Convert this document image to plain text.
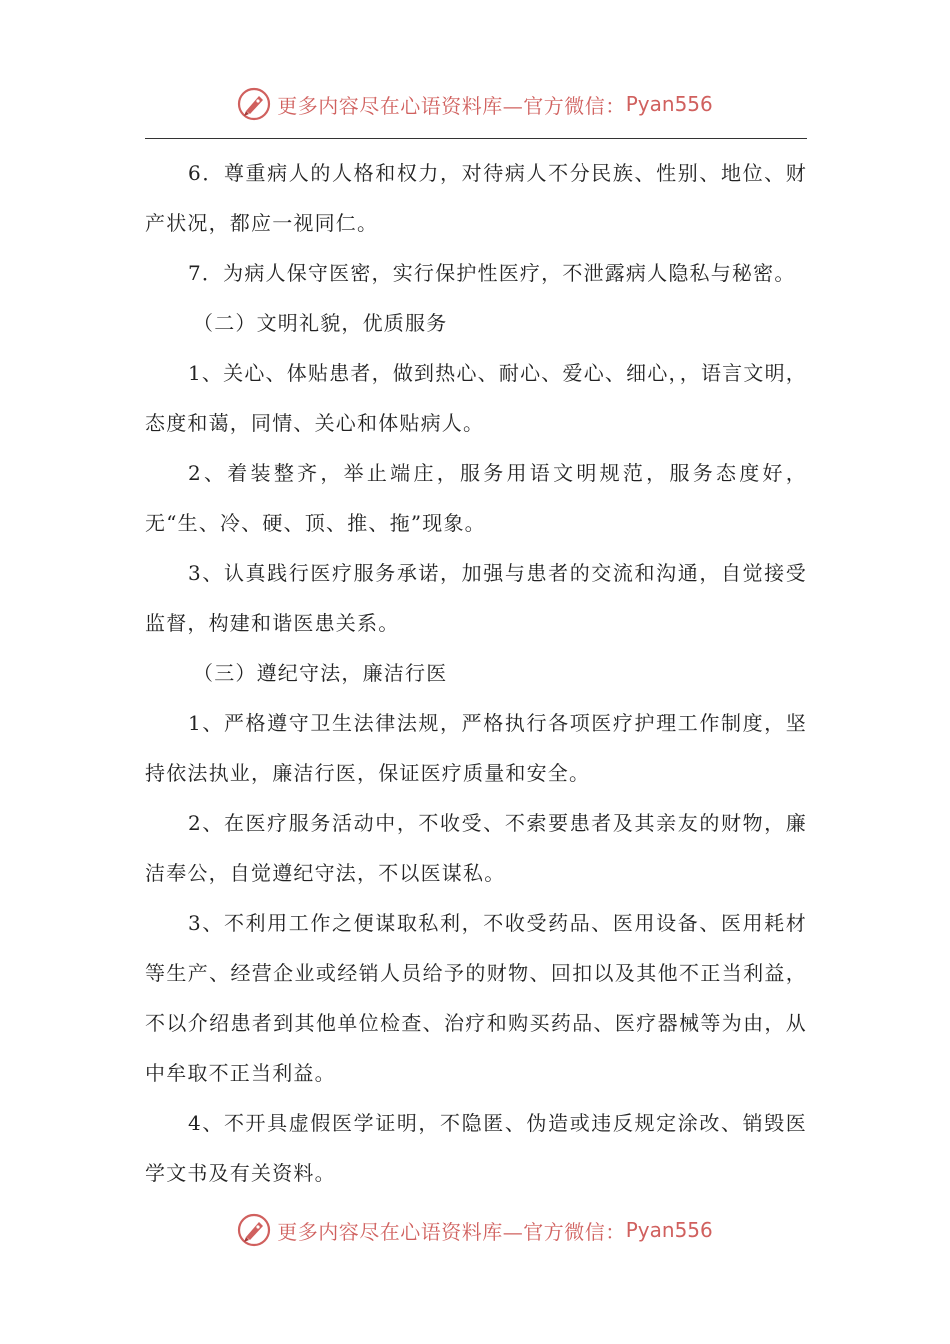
更多内容尽在心语资料库—官方微信： Pyan556

6．尊重病人的人格和权力，对待病人不分民族、性别、地位、财产状况，都应一视同仁。

7．为病人保守医密，实行保护性医疗，不泄露病人隐私与秘密。

（二）文明礼貌，优质服务

1、关心、体贴患者，做到热心、耐心、爱心、细心，，语言文明，态度和蔼，同情、关心和体贴病人。

2、着装整齐，举止端庄，服务用语文明规范，服务态度好，无“生、冷、硬、顶、推、拖”现象。

3、认真践行医疗服务承诺，加强与患者的交流和沟通，自觉接受监督，构建和谐医患关系。

（三）遵纪守法，廉洁行医

1、严格遵守卫生法律法规，严格执行各项医疗护理工作制度，坚持依法执业，廉洁行医，保证医疗质量和安全。

2、在医疗服务活动中，不收受、不索要患者及其亲友的财物，廉洁奉公，自觉遵纪守法，不以医谋私。

3、不利用工作之便谋取私利，不收受药品、医用设备、医用耗材等生产、经营企业或经销人员给予的财物、回扣以及其他不正当利益，不以介绍患者到其他单位检查、治疗和购买药品、医疗器械等为由，从中牟取不正当利益。

4、不开具虚假医学证明，不隐匿、伪造或违反规定涂改、销毁医学文书及有关资料。

更多内容尽在心语资料库—官方微信： Pyan556
